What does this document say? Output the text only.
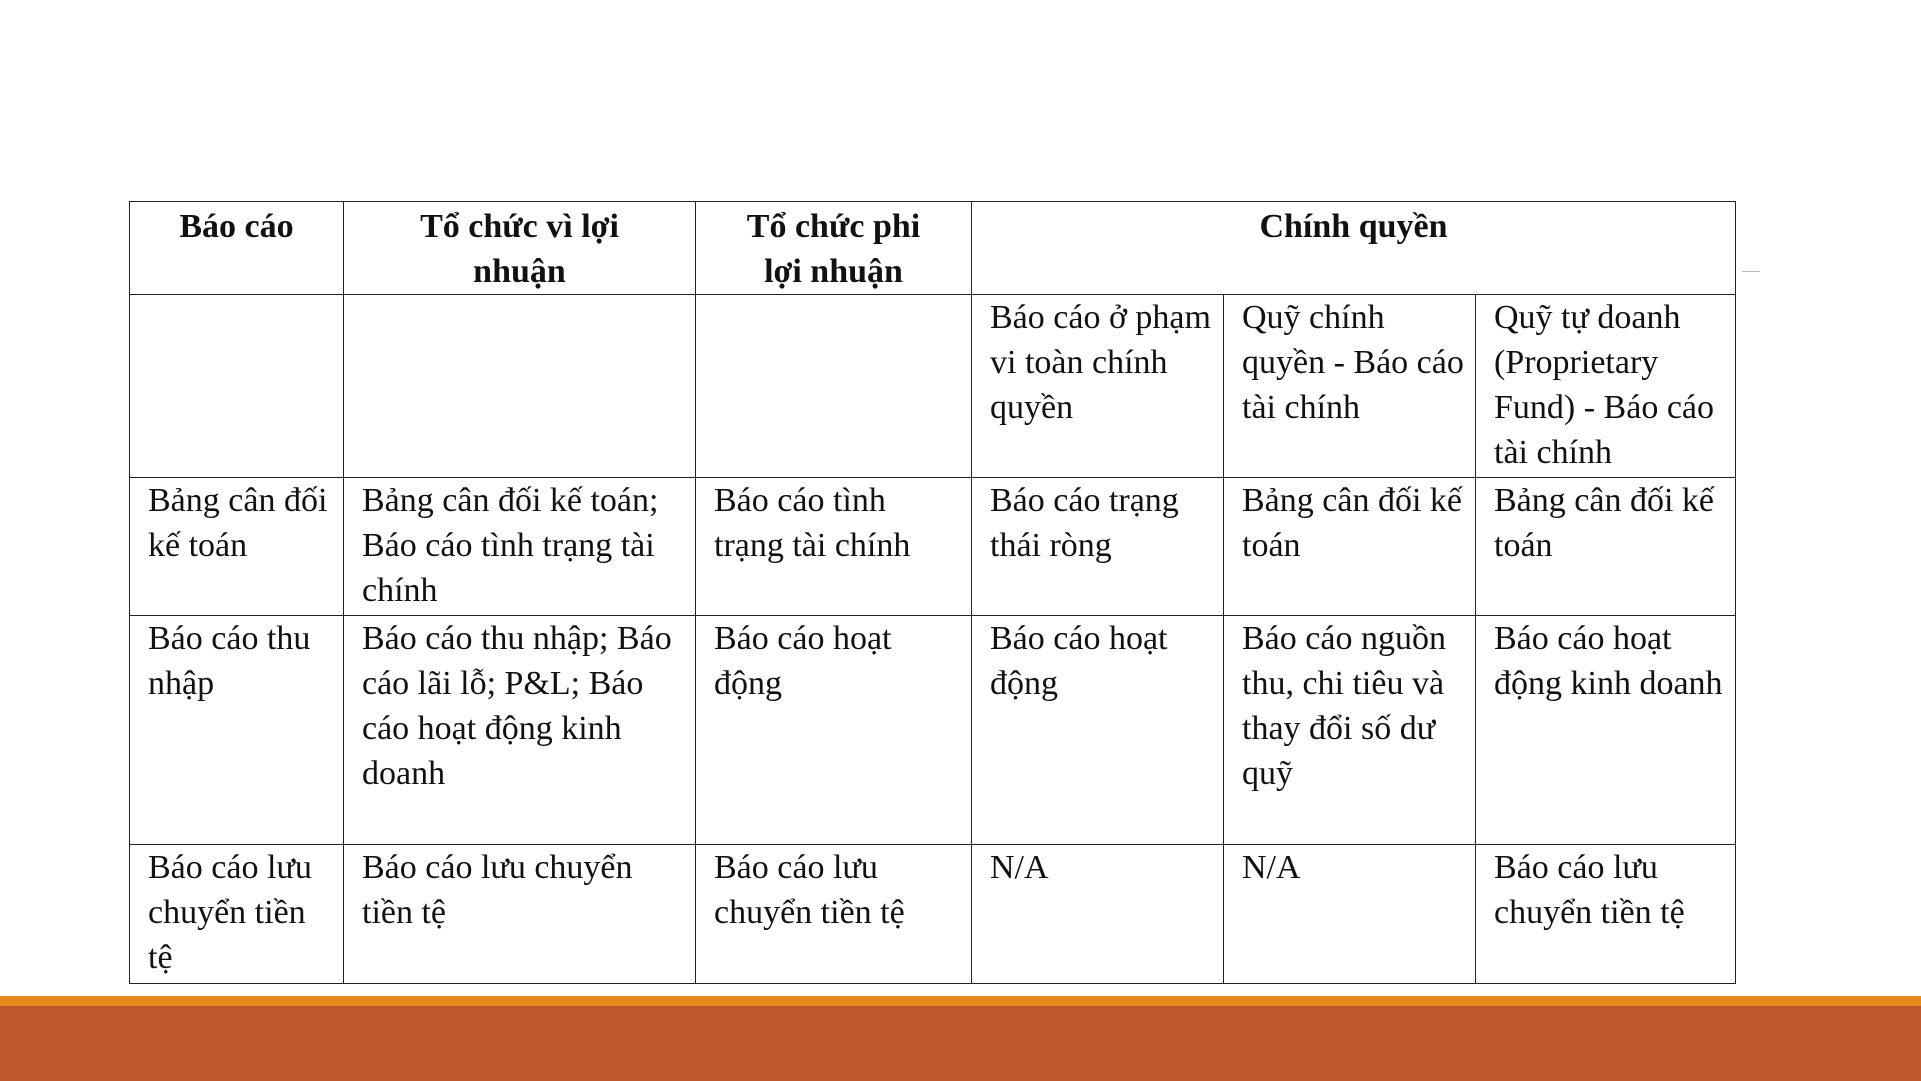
Báo cáo	Tổ chức vì lợi nhuận	Tổ chức phi lợi nhuận	Chính quyền		

			Báo cáo ở phạm vi toàn chính quyền	Quỹ chính quyền - Báo cáo tài chính	Quỹ tự doanh (Proprietary Fund) - Báo cáo tài chính

Bảng cân đối kế toán	Bảng cân đối kế toán; Báo cáo tình trạng tài chính	Báo cáo tình trạng tài chính	Báo cáo trạng thái ròng	Bảng cân đối kế toán	Bảng cân đối kế toán

Báo cáo thu nhập	Báo cáo thu nhập; Báo cáo lãi lỗ; P&L; Báo cáo hoạt động kinh doanh	Báo cáo hoạt động	Báo cáo hoạt động	Báo cáo nguồn thu, chi tiêu và thay đổi số dư quỹ	Báo cáo hoạt động kinh doanh

Báo cáo lưu chuyển tiền tệ	Báo cáo lưu chuyển tiền tệ	Báo cáo lưu chuyển tiền tệ	N/A	N/A	Báo cáo lưu chuyển tiền tệ
